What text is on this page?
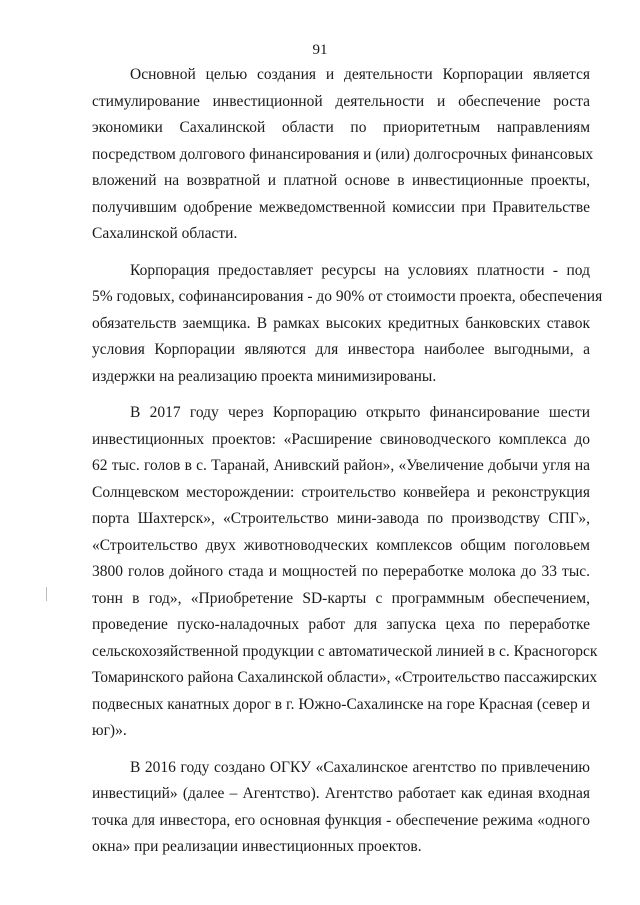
91

Основной целью создания и деятельности Корпорации является
стимулирование инвестиционной деятельности и обеспечение роста
экономики Сахалинской области по приоритетным направлениям
посредством долгового финансирования и (или) долгосрочных финансовых
вложений на возвратной и платной основе в инвестиционные проекты,
получившим одобрение межведомственной комиссии при Правительстве
Сахалинской области.

Корпорация предоставляет ресурсы на условиях платности - под
5% годовых, софинансирования - до 90% от стоимости проекта, обеспечения
обязательств заемщика. В рамках высоких кредитных банковских ставок
условия Корпорации являются для инвестора наиболее выгодными, а
издержки на реализацию проекта минимизированы.

В 2017 году через Корпорацию открыто финансирование шести
инвестиционных проектов: «Расширение свиноводческого комплекса до
62 тыс. голов в с. Таранай, Анивский район», «Увеличение добычи угля на
Солнцевском месторождении: строительство конвейера и реконструкция
порта Шахтерск», «Строительство мини-завода по производству СПГ»,
«Строительство двух животноводческих комплексов общим поголовьем
3800 голов дойного стада и мощностей по переработке молока до 33 тыс.
тонн в год», «Приобретение SD-карты с программным обеспечением,
проведение пуско-наладочных работ для запуска цеха по переработке
сельскохозяйственной продукции с автоматической линией в с. Красногорск
Томаринского района Сахалинской области», «Строительство пассажирских
подвесных канатных дорог в г. Южно-Сахалинске на горе Красная (север и
юг)».

В 2016 году создано ОГКУ «Сахалинское агентство по привлечению
инвестиций» (далее – Агентство). Агентство работает как единая входная
точка для инвестора, его основная функция - обеспечение режима «одного
окна» при реализации инвестиционных проектов.
